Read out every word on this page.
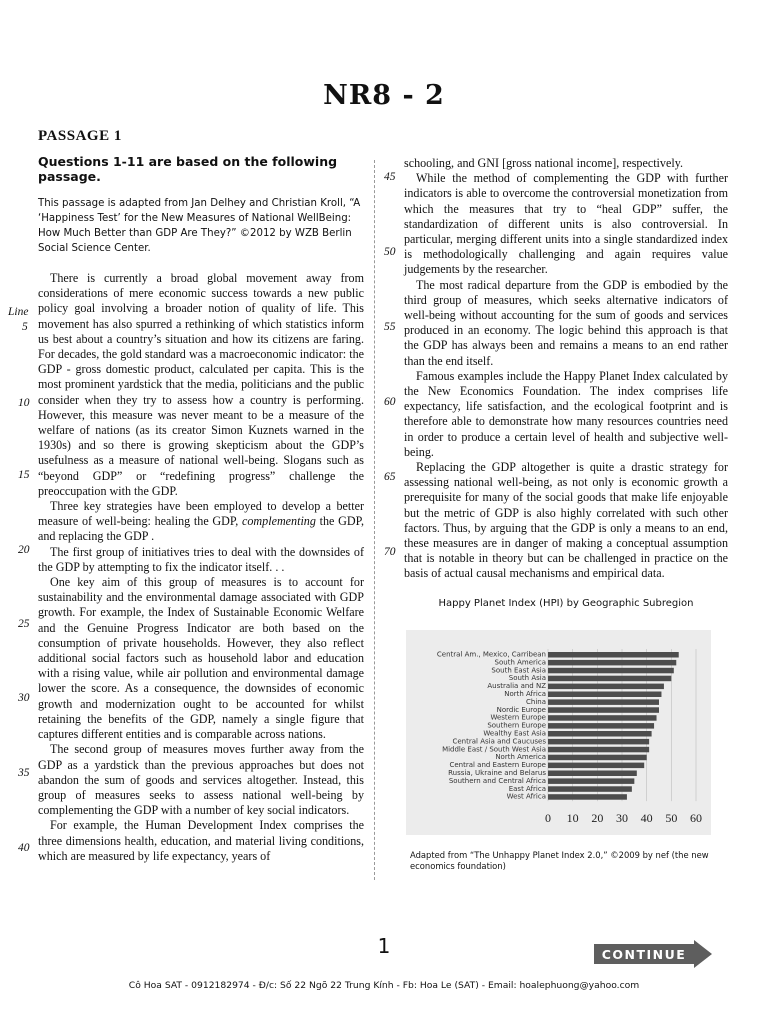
NR8 - 2
PASSAGE 1
Questions 1-11 are based on the following passage.
This passage is adapted from Jan Delhey and Christian Kroll, “A ‘Happiness Test’ for the New Measures of National WellBeing: How Much Better than GDP Are They?” ©2012 by WZB Berlin Social Science Center.

There is currently a broad global movement away from considerations of mere economic success towards a new public policy goal involving a broader notion of quality of life. This movement has also spurred a rethinking of which statistics inform us best about a country’s situation and how its citizens are faring. For decades, the gold standard was a macroeconomic indicator: the GDP - gross domestic product, calculated per capita. This is the most prominent yardstick that the media, politicians and the public consider when they try to assess how a country is performing. However, this measure was never meant to be a measure of the welfare of nations (as its creator Simon Kuznets warned in the 1930s) and so there is growing skepticism about the GDP’s usefulness as a measure of national well-being. Slogans such as “beyond GDP” or “redefining progress” challenge the preoccupation with the GDP.

Three key strategies have been employed to develop a better measure of well-being: healing the GDP, complementing the GDP, and replacing the GDP .

The first group of initiatives tries to deal with the downsides of the GDP by attempting to fix the indicator itself. . .

One key aim of this group of measures is to account for sustainability and the environmental damage associated with GDP growth. For example, the Index of Sustainable Economic Welfare and the Genuine Progress Indicator are both based on the consumption of private households. However, they also reflect additional social factors such as household labor and education with a rising value, while air pollution and environmental damage lower the score. As a consequence, the downsides of economic growth and modernization ought to be accounted for whilst retaining the benefits of the GDP, namely a single figure that captures different entities and is comparable across nations.

The second group of measures moves further away from the GDP as a yardstick than the previous approaches but does not abandon the sum of goods and services altogether. Instead, this group of measures seeks to assess national well-being by complementing the GDP with a number of key social indicators.

For example, the Human Development Index comprises the three dimensions health, education, and material living conditions, which are measured by life expectancy, years of

schooling, and GNI [gross national income], respectively.

While the method of complementing the GDP with further indicators is able to overcome the controversial monetization from which the measures that try to “heal GDP” suffer, the standardization of different units is also controversial. In particular, merging different units into a single standardized index is methodologically challenging and again requires value judgements by the researcher.

The most radical departure from the GDP is embodied by the third group of measures, which seeks alternative indicators of well-being without accounting for the sum of goods and services produced in an economy. The logic behind this approach is that the GDP has always been and remains a means to an end rather than the end itself.

Famous examples include the Happy Planet Index calculated by the New Economics Foundation. The index comprises life expectancy, life satisfaction, and the ecological footprint and is therefore able to demonstrate how many resources countries need in order to produce a certain level of health and subjective well-being.

Replacing the GDP altogether is quite a drastic strategy for assessing national well-being, as not only is economic growth a prerequisite for many of the social goods that make life enjoyable but the metric of GDP is also highly correlated with such other factors. Thus, by arguing that the GDP is only a means to an end, these measures are in danger of making a conceptual assumption that is notable in theory but can be challenged in practice on the basis of actual causal mechanisms and empirical data.

Line
5
10
15
20
25
30
35
40
45
50
55
60
65
70
Happy Planet Index (HPI) by Geographic Subregion
0 10 20 30 40 50 60
Central Am., Mexico, Carribean
South America
South East Asia
South Asia
Australia and NZ
North Africa
China
Nordic Europe
Western Europe
Southern Europe
Wealthy East Asia
Central Asia and Caucuses
Middle East / South West Asia
North America
Central and Eastern Europe
Russia, Ukraine and Belarus
Southern and Central Africa
East Africa
West Africa
Adapted from “The Unhappy Planet Index 2.0,” ©2009 by nef (the new economics foundation)
1	CONTINUE
Cô Hoa SAT - 0912182974 - Đ/c: Số 22 Ngõ 22 Trung Kính - Fb: Hoa Le (SAT) - Email: hoalephuong@yahoo.com
